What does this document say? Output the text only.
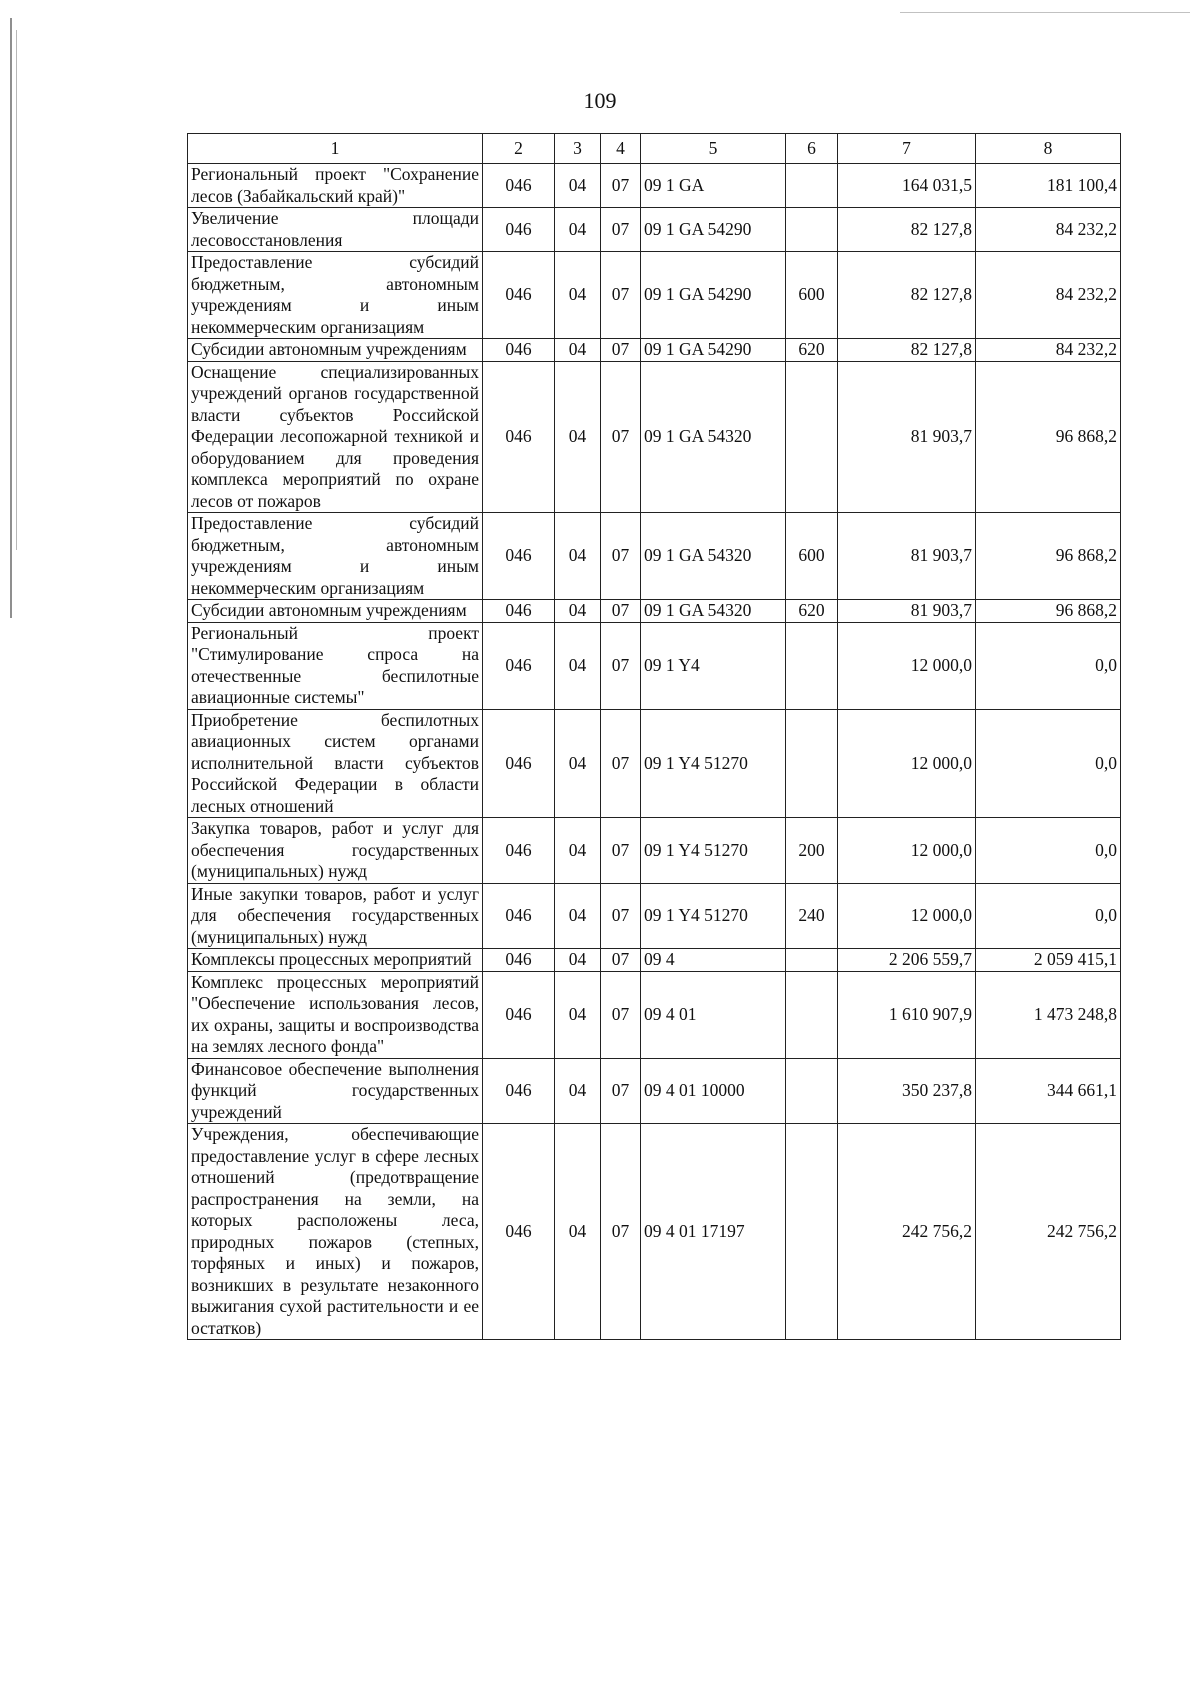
109
1	2	3	4	5	6	7	8
Региональный проект "Сохранение лесов (Забайкальский край)"	046	04	07	09 1 GA		164 031,5	181 100,4
Увеличение площади лесовосстановления	046	04	07	09 1 GA 54290		82 127,8	84 232,2
Предоставление субсидий бюджетным, автономным учреждениям и иным некоммерческим организациям	046	04	07	09 1 GA 54290	600	82 127,8	84 232,2
Субсидии автономным учреждениям	046	04	07	09 1 GA 54290	620	82 127,8	84 232,2
Оснащение специализированных учреждений органов государственной власти субъектов Российской Федерации лесопожарной техникой и оборудованием для проведения комплекса мероприятий по охране лесов от пожаров	046	04	07	09 1 GA 54320		81 903,7	96 868,2
Предоставление субсидий бюджетным, автономным учреждениям и иным некоммерческим организациям	046	04	07	09 1 GA 54320	600	81 903,7	96 868,2
Субсидии автономным учреждениям	046	04	07	09 1 GA 54320	620	81 903,7	96 868,2
Региональный проект "Стимулирование спроса на отечественные беспилотные авиационные системы"	046	04	07	09 1 Y4		12 000,0	0,0
Приобретение беспилотных авиационных систем органами исполнительной власти субъектов Российской Федерации в области лесных отношений	046	04	07	09 1 Y4 51270		12 000,0	0,0
Закупка товаров, работ и услуг для обеспечения государственных (муниципальных) нужд	046	04	07	09 1 Y4 51270	200	12 000,0	0,0
Иные закупки товаров, работ и услуг для обеспечения государственных (муниципальных) нужд	046	04	07	09 1 Y4 51270	240	12 000,0	0,0
Комплексы процессных мероприятий	046	04	07	09 4		2 206 559,7	2 059 415,1
Комплекс процессных мероприятий "Обеспечение использования лесов, их охраны, защиты и воспроизводства на землях лесного фонда"	046	04	07	09 4 01		1 610 907,9	1 473 248,8
Финансовое обеспечение выполнения функций государственных учреждений	046	04	07	09 4 01 10000		350 237,8	344 661,1
Учреждения, обеспечивающие предоставление услуг в сфере лесных отношений (предотвращение распространения на земли, на которых расположены леса, природных пожаров (степных, торфяных и иных) и пожаров, возникших в результате незаконного выжигания сухой растительности и ее остатков)	046	04	07	09 4 01 17197		242 756,2	242 756,2
